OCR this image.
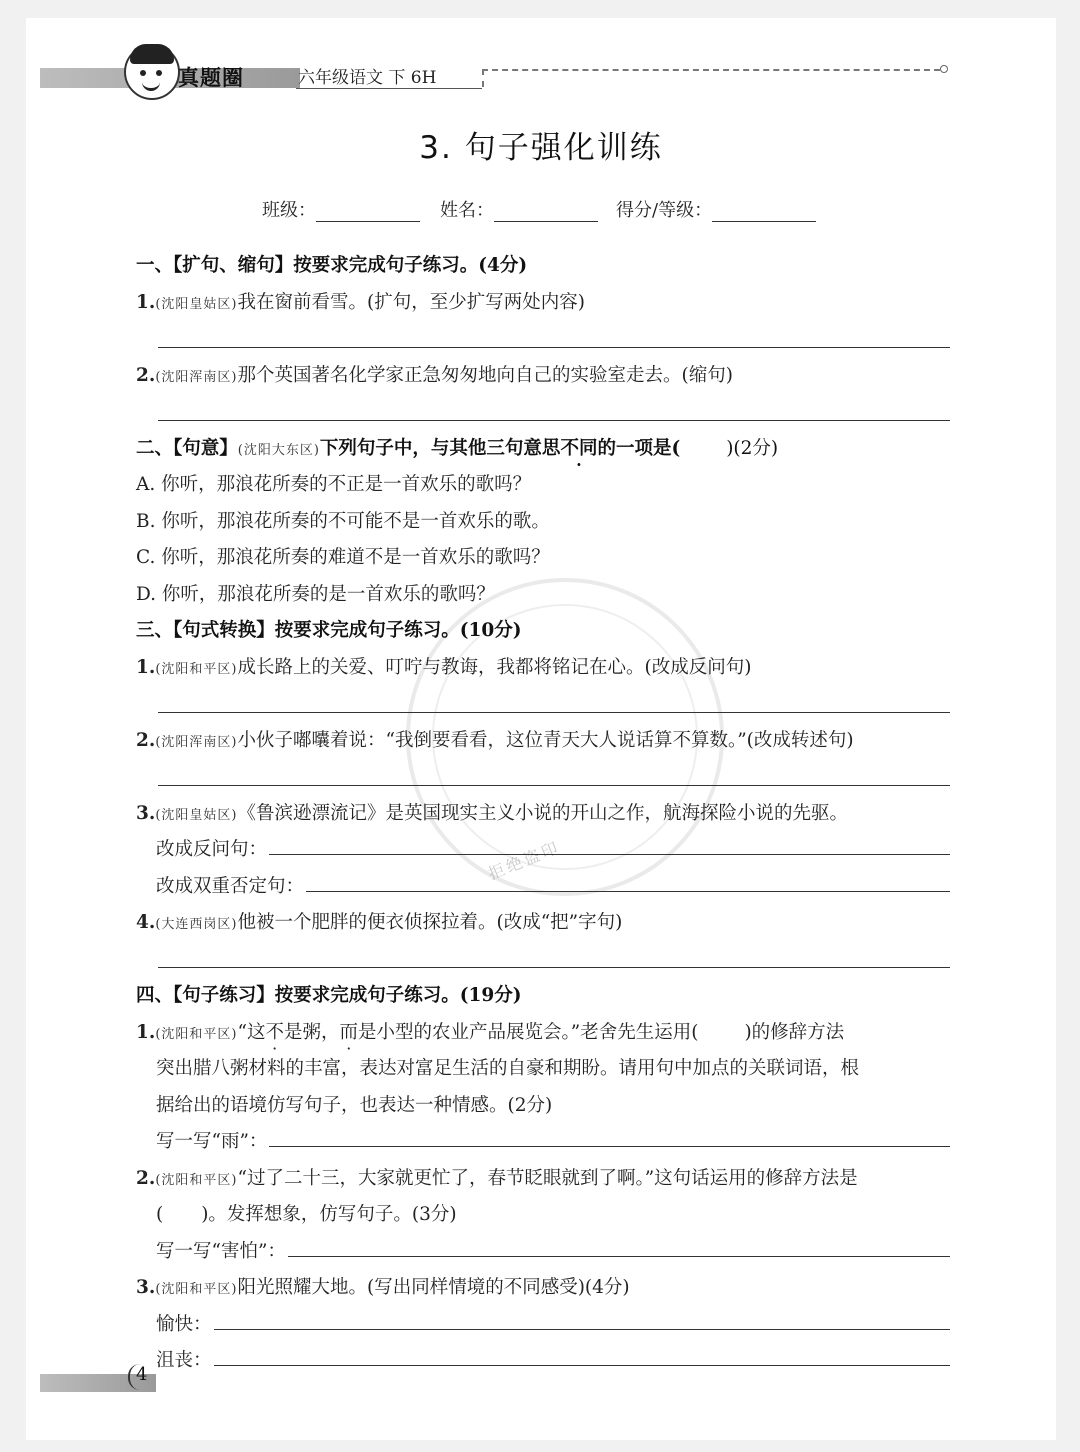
真题圈	六年级语文 下 6H
3. 句子强化训练
班级：	姓名：	得分/等级：
拒绝盗印
一、【扩句、缩句】按要求完成句子练习。(4分)
1.(沈阳皇姑区)我在窗前看雪。(扩句，至少扩写两处内容)
2.(沈阳浑南区)那个英国著名化学家正急匆匆地向自己的实验室走去。(缩句)
二、【句意】(沈阳大东区)下列句子中，与其他三句意思不同的一项是( )(2分)
A. 你听，那浪花所奏的不正是一首欢乐的歌吗？
B. 你听，那浪花所奏的不可能不是一首欢乐的歌。
C. 你听，那浪花所奏的难道不是一首欢乐的歌吗？
D. 你听，那浪花所奏的是一首欢乐的歌吗？
三、【句式转换】按要求完成句子练习。(10分)
1.(沈阳和平区)成长路上的关爱、叮咛与教诲，我都将铭记在心。(改成反问句)
2.(沈阳浑南区)小伙子嘟囔着说：“我倒要看看，这位青天大人说话算不算数。”(改成转述句)
3.(沈阳皇姑区)《鲁滨逊漂流记》是英国现实主义小说的开山之作，航海探险小说的先驱。
改成反问句：
改成双重否定句：
4.(大连西岗区)他被一个肥胖的便衣侦探拉着。(改成“把”字句)
四、【句子练习】按要求完成句子练习。(19分)
1.(沈阳和平区)“这不是粥，而是小型的农业产品展览会。”老舍先生运用( )的修辞方法
突出腊八粥材料的丰富，表达对富足生活的自豪和期盼。请用句中加点的关联词语，根
据给出的语境仿写句子，也表达一种情感。(2分)
写一写“雨”：
2.(沈阳和平区)“过了二十三，大家就更忙了，春节眨眼就到了啊。”这句话运用的修辞方法是
( )。发挥想象，仿写句子。(3分)
写一写“害怕”：
3.(沈阳和平区)阳光照耀大地。(写出同样情境的不同感受)(4分)
愉快：
沮丧：
4
